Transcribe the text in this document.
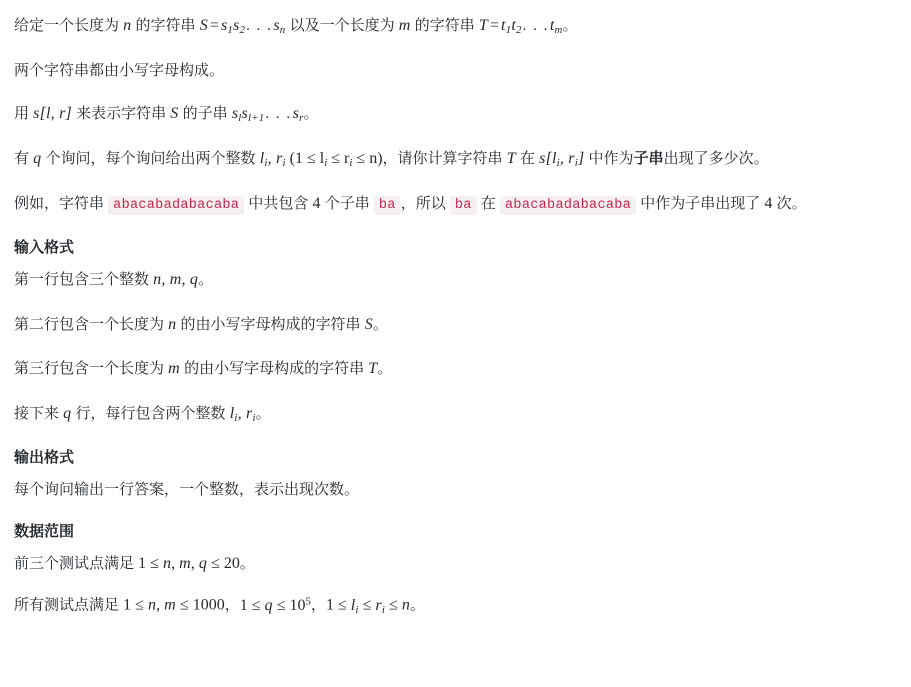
给定一个长度为 n 的字符串 $S = s_1s_2$. . $.s_n$ 以及一个长度为 m 的字符串 $T = t_1t_2$. . $.t_m$。

两个字符串都由小写字母构成。

用 s[l, r] 来表示字符串 S 的子串 $s_ls_{l+1}$. . $.s_r$。

有 q 个询问，每个询问给出两个整数 $l_i$, $r_i$ $(1 \le l_i \le r_i \le n)$，请你计算字符串 T 在 $s[l_i$, $r_i$] 中作为子串出现了多少次。

例如，字符串 abacabadabacaba 中共包含 4 个子串 ba ，所以 ba 在 abacabadabacaba 中作为子串出现了 4 次。

输入格式

第一行包含三个整数 n, m, q。

第二行包含一个长度为 n 的由小写字母构成的字符串 S。

第三行包含一个长度为 m 的由小写字母构成的字符串 T。

接下来 q 行，每行包含两个整数 $l_i$, $r_i$。

输出格式

每个询问输出一行答案，一个整数，表示出现次数。

数据范围

前三个测试点满足 1 ≤ n, m, q ≤ 20。

所有测试点满足 1 ≤ n, m ≤ 1000，$1 \le q \le 10^5$，$1 \le l_i \le r_i \le n$。
